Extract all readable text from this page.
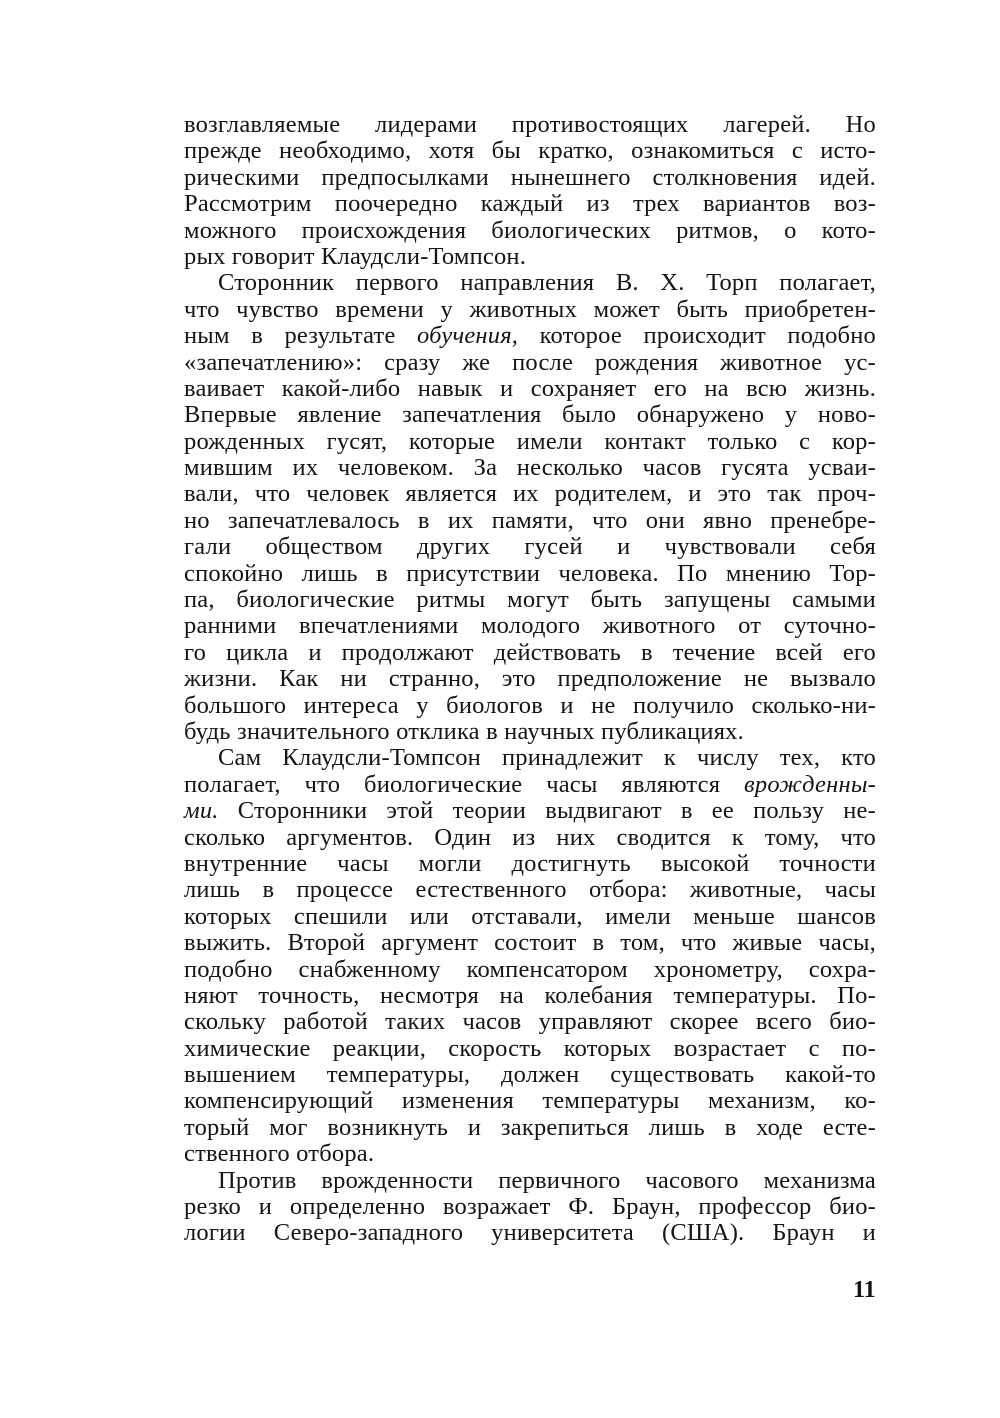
возглавляемые лидерами противостоящих лагерей. Но
прежде необходимо, хотя бы кратко, ознакомиться с исто-
рическими предпосылками нынешнего столкновения идей.
Рассмотрим поочередно каждый из трех вариантов воз-
можного происхождения биологических ритмов, о кото-
рых говорит Клаудсли-Томпсон.
Сторонник первого направления В. Х. Торп полагает,
что чувство времени у животных может быть приобретен-
ным в результате обучения, которое происходит подобно
«запечатлению»: сразу же после рождения животное ус-
ваивает какой-либо навык и сохраняет его на всю жизнь.
Впервые явление запечатления было обнаружено у ново-
рожденных гусят, которые имели контакт только с кор-
мившим их человеком. За несколько часов гусята усваи-
вали, что человек является их родителем, и это так проч-
но запечатлевалось в их памяти, что они явно пренебре-
гали обществом других гусей и чувствовали себя
спокойно лишь в присутствии человека. По мнению Тор-
па, биологические ритмы могут быть запущены самыми
ранними впечатлениями молодого животного от суточно-
го цикла и продолжают действовать в течение всей его
жизни. Как ни странно, это предположение не вызвало
большого интереса у биологов и не получило сколько-ни-
будь значительного отклика в научных публикациях.
Сам Клаудсли-Томпсон принадлежит к числу тех, кто
полагает, что биологические часы являются врожденны-
ми. Сторонники этой теории выдвигают в ее пользу не-
сколько аргументов. Один из них сводится к тому, что
внутренние часы могли достигнуть высокой точности
лишь в процессе естественного отбора: животные, часы
которых спешили или отставали, имели меньше шансов
выжить. Второй аргумент состоит в том, что живые часы,
подобно снабженному компенсатором хронометру, сохра-
няют точность, несмотря на колебания температуры. По-
скольку работой таких часов управляют скорее всего био-
химические реакции, скорость которых возрастает с по-
вышением температуры, должен существовать какой-то
компенсирующий изменения температуры механизм, ко-
торый мог возникнуть и закрепиться лишь в ходе есте-
ственного отбора.
Против врожденности первичного часового механизма
резко и определенно возражает Ф. Браун, профессор био-
логии Северо-западного университета (США). Браун и
11
